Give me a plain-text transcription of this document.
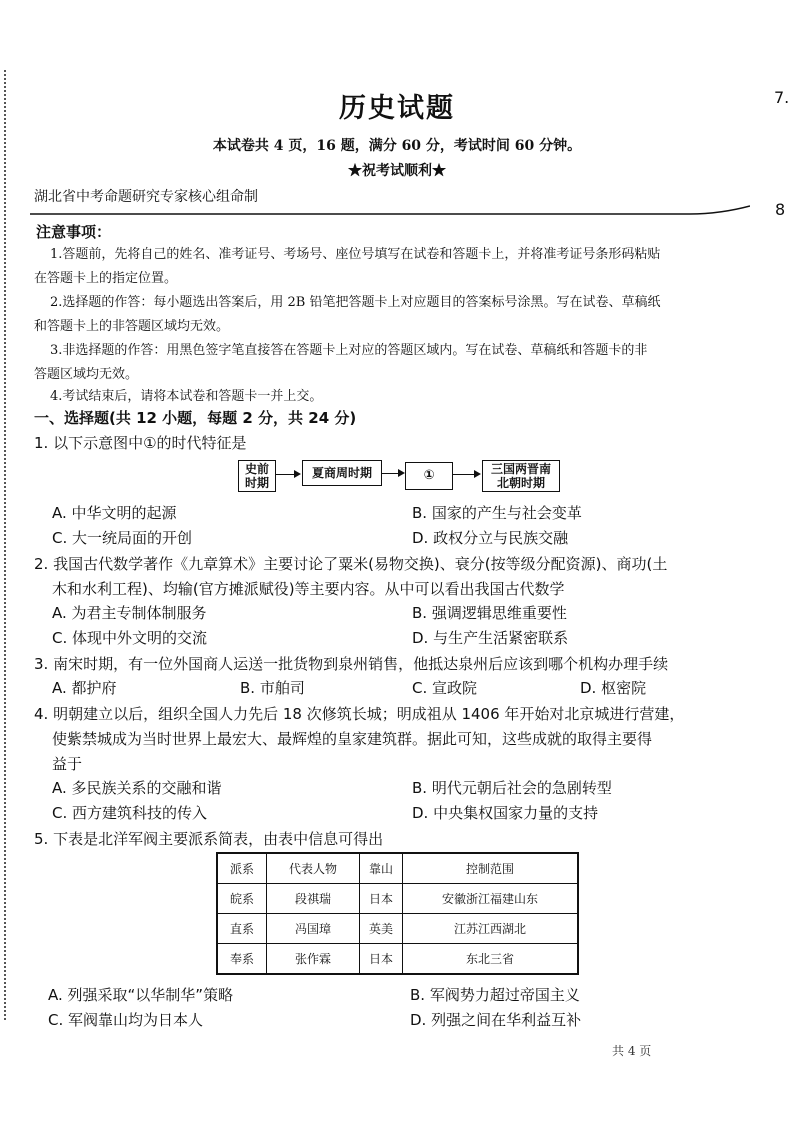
历史试题
本试卷共 4 页，16 题，满分 60 分，考试时间 60 分钟。
★祝考试顺利★
湖北省中考命题研究专家核心组命制
7.
8
注意事项：
1.答题前，先将自己的姓名、准考证号、考场号、座位号填写在试卷和答题卡上，并将准考证号条形码粘贴
在答题卡上的指定位置。
2.选择题的作答：每小题选出答案后，用 2B 铅笔把答题卡上对应题目的答案标号涂黑。写在试卷、草稿纸
和答题卡上的非答题区域均无效。
3.非选择题的作答：用黑色签字笔直接答在答题卡上对应的答题区域内。写在试卷、草稿纸和答题卡的非
答题区域均无效。
4.考试结束后，请将本试卷和答题卡一并上交。
一、选择题(共 12 小题，每题 2 分，共 24 分)
1. 以下示意图中①的时代特征是
史前
时期
夏商周时期	①	三国两晋南
北朝时期
A. 中华文明的起源	B. 国家的产生与社会变革
C. 大一统局面的开创	D. 政权分立与民族交融
2. 我国古代数学著作《九章算术》主要讨论了粟米(易物交换)、衰分(按等级分配资源)、商功(土
木和水利工程)、均输(官方摊派赋役)等主要内容。从中可以看出我国古代数学
A. 为君主专制体制服务	B. 强调逻辑思维重要性
C. 体现中外文明的交流	D. 与生产生活紧密联系
3. 南宋时期，有一位外国商人运送一批货物到泉州销售，他抵达泉州后应该到哪个机构办理手续
A. 都护府	B. 市舶司	C. 宣政院	D. 枢密院
4. 明朝建立以后，组织全国人力先后 18 次修筑长城；明成祖从 1406 年开始对北京城进行营建，
使紫禁城成为当时世界上最宏大、最辉煌的皇家建筑群。据此可知，这些成就的取得主要得
益于
A. 多民族关系的交融和谐	B. 明代元朝后社会的急剧转型
C. 西方建筑科技的传入	D. 中央集权国家力量的支持
5. 下表是北洋军阀主要派系简表，由表中信息可得出
派系	代表人物	靠山	控制范围
皖系	段祺瑞	日本	安徽浙江福建山东
直系	冯国璋	英美	江苏江西湖北
奉系	张作霖	日本	东北三省
A. 列强采取“以华制华”策略	B. 军阀势力超过帝国主义
C. 军阀靠山均为日本人	D. 列强之间在华利益互补
共 4 页
